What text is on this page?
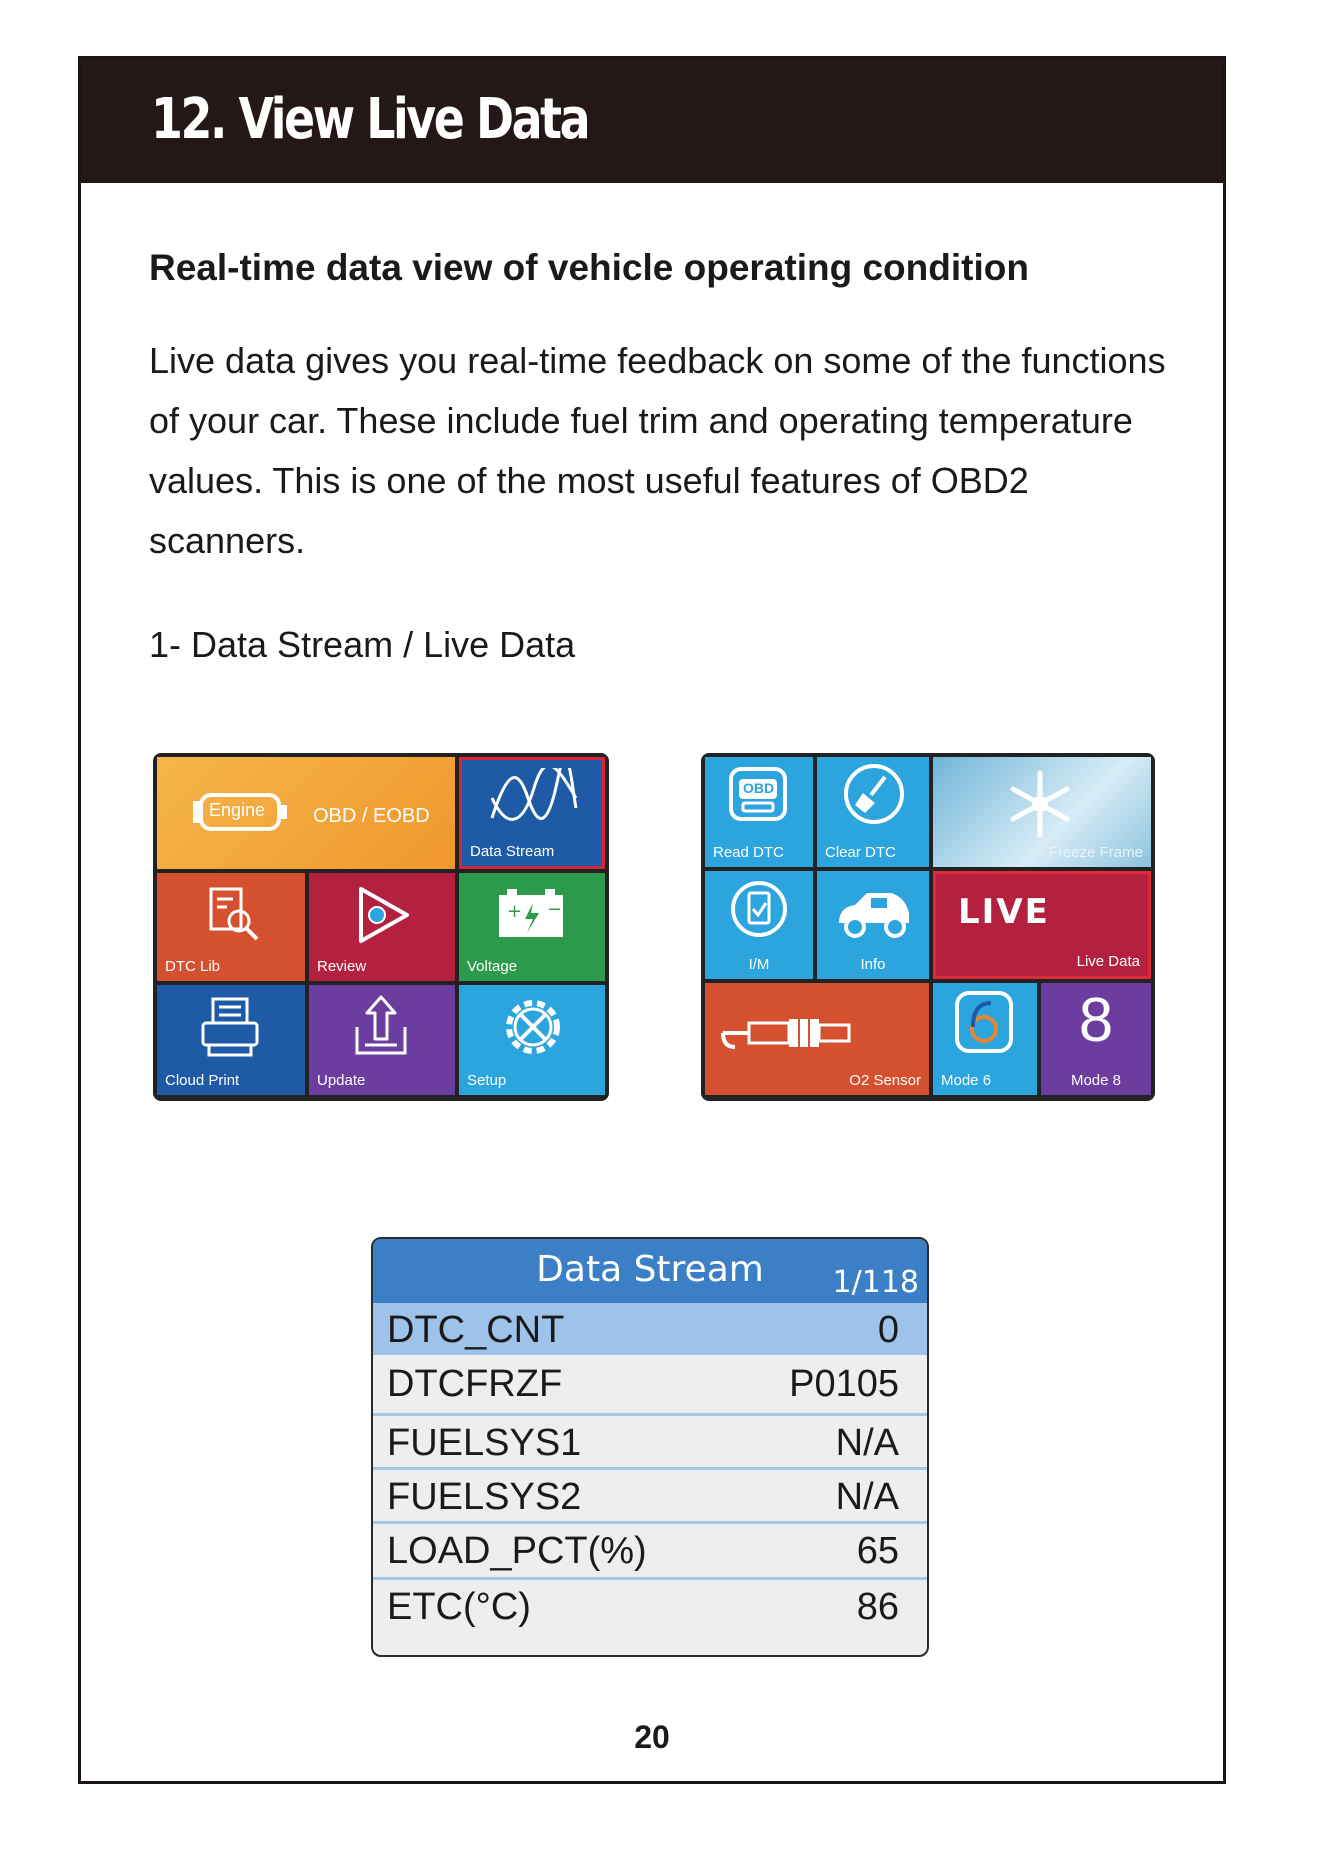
12. View Live Data
Real-time data view of vehicle operating condition
Live data gives you real-time feedback on some of the functions of your car. These include fuel trim and operating temperature values. This is one of the most useful features of OBD2 scanners.
1- Data Stream / Live Data
Engine OBD / EOBD
Data Stream
DTC Lib	Review
+ −
Voltage
Cloud Print	Update	Setup
OBD
Read DTC	Clear DTC	Freeze Frame
I/M	Info
LIVE
Live Data
O2 Sensor Mode 6
8
Mode 8
Data Stream	1/118
DTC_CNT	0
DTCFRZF	P0105
FUELSYS1	N/A
FUELSYS2	N/A
LOAD_PCT(%)	65
ETC(°C)	86
20
